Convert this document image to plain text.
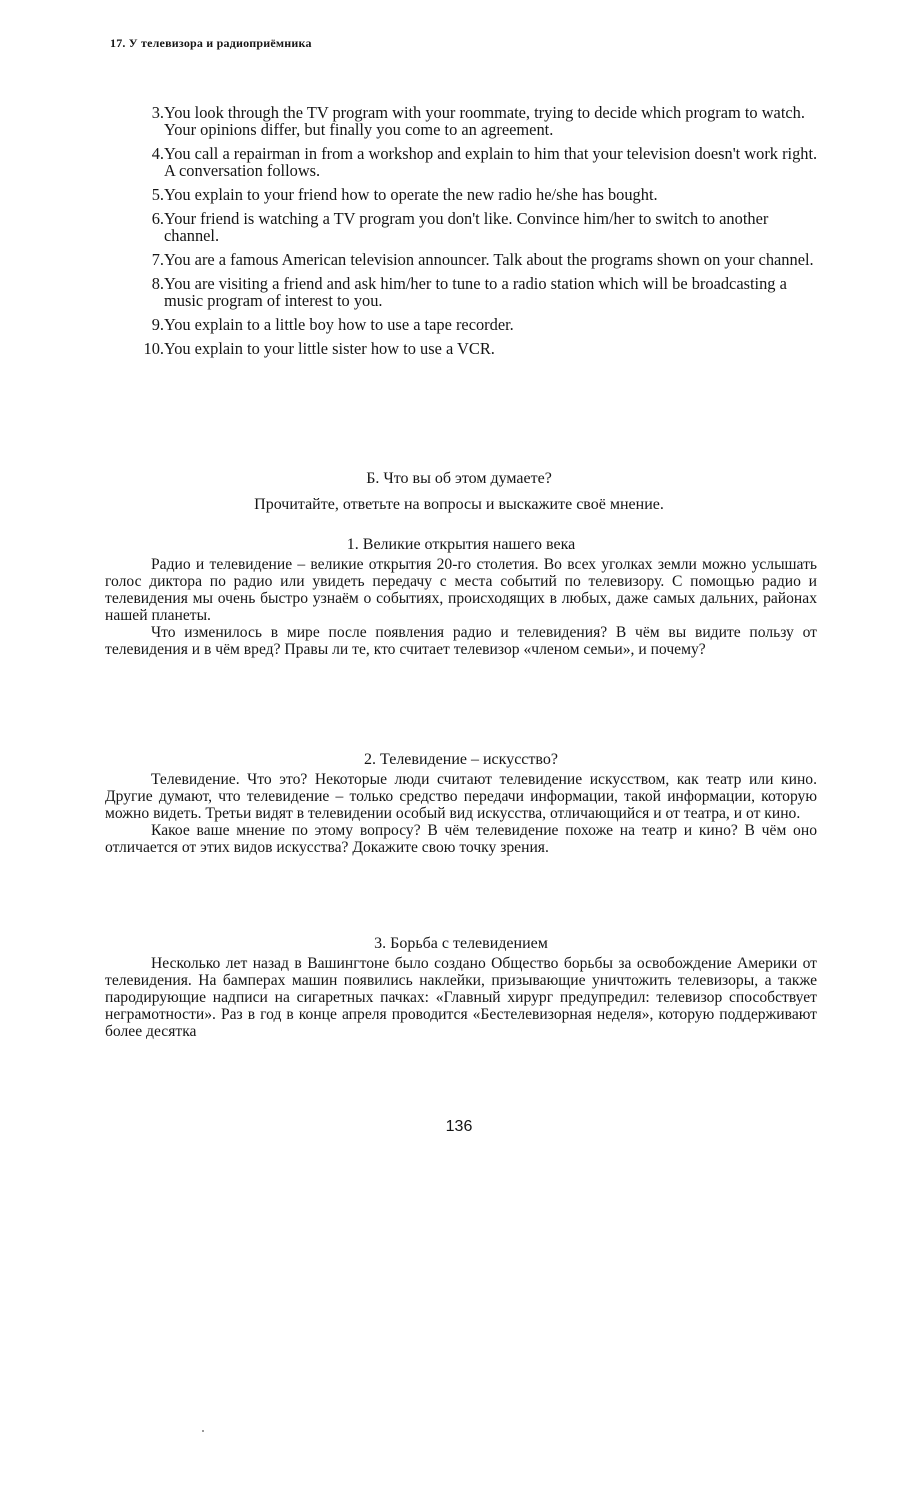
17. У телевизора и радиоприёмника
3. You look through the TV program with your roommate, trying to decide which program to watch. Your opinions differ, but finally you come to an agreement.
4. You call a repairman in from a workshop and explain to him that your television doesn't work right. A conversation follows.
5. You explain to your friend how to operate the new radio he/she has bought.
6. Your friend is watching a TV program you don't like. Convince him/her to switch to another channel.
7. You are a famous American television announcer. Talk about the programs shown on your channel.
8. You are visiting a friend and ask him/her to tune to a radio station which will be broadcasting a music program of interest to you.
9. You explain to a little boy how to use a tape recorder.
10. You explain to your little sister how to use a VCR.
Б. Что вы об этом думаете?
Прочитайте, ответьте на вопросы и выскажите своё мнение.
1. Великие открытия нашего века

Радио и телевидение – великие открытия 20-го столетия. Во всех уголках земли можно услышать голос диктора по радио или увидеть передачу с места событий по телевизору. С помощью радио и телевидения мы очень быстро узнаём о событиях, происходящих в любых, даже самых дальних, районах нашей планеты.

Что изменилось в мире после появления радио и телевидения? В чём вы видите пользу от телевидения и в чём вред? Правы ли те, кто считает телевизор «членом семьи», и почему?

2. Телевидение – искусство?

Телевидение. Что это? Некоторые люди считают телевидение искусством, как театр или кино. Другие думают, что телевидение – только средство передачи информации, такой информации, которую можно видеть. Третьи видят в телевидении особый вид искусства, отличающийся и от театра, и от кино.

Какое ваше мнение по этому вопросу? В чём телевидение похоже на театр и кино? В чём оно отличается от этих видов искусства? Докажите свою точку зрения.

3. Борьба с телевидением

Несколько лет назад в Вашингтоне было создано Общество борьбы за освобождение Америки от телевидения. На бамперах машин появились наклейки, призывающие уничтожить телевизоры, а также пародирующие надписи на сигаретных пачках: «Главный хирург предупредил: телевизор способствует неграмотности». Раз в год в конце апреля проводится «Бестелевизорная неделя», которую поддерживают более десятка

136
